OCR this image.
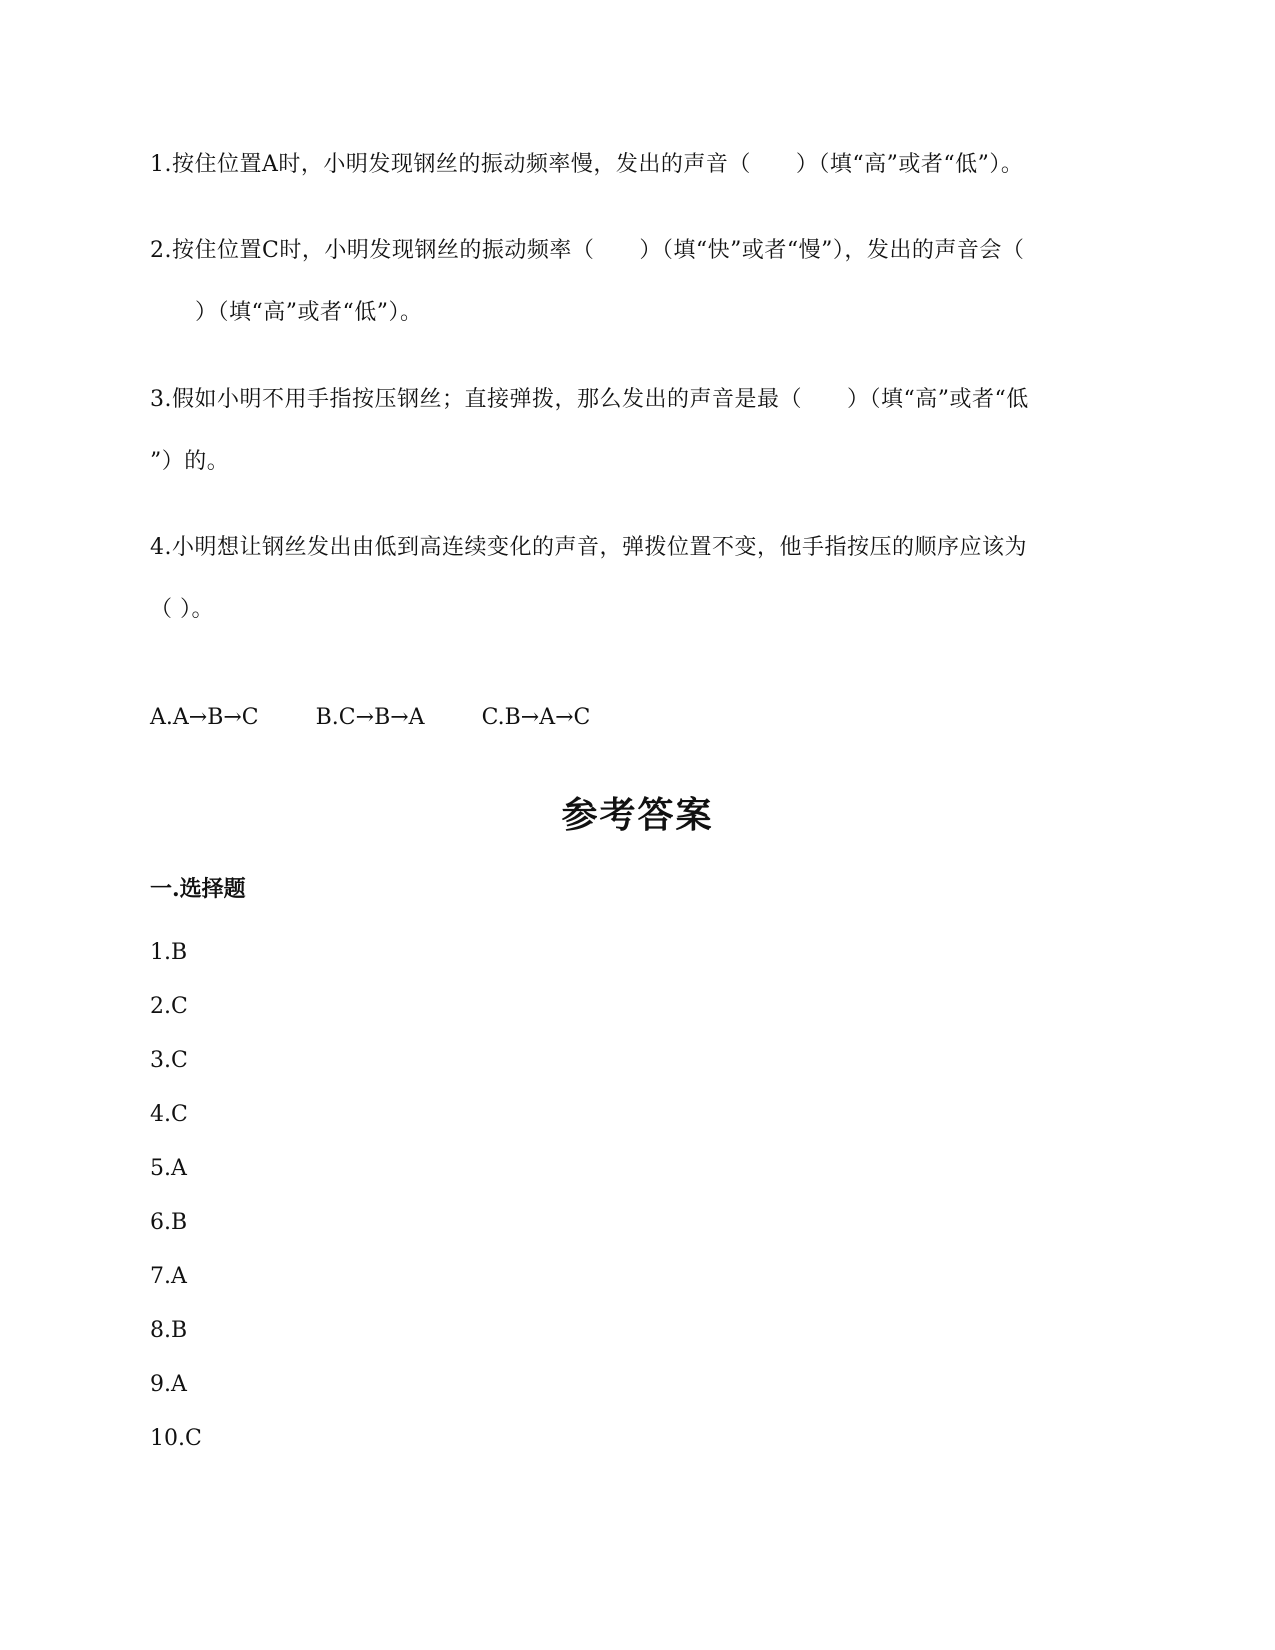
1.按住位置A时，小明发现钢丝的振动频率慢，发出的声音（　　）（填“高”或者“低”）。
2.按住位置C时，小明发现钢丝的振动频率（　　）（填“快”或者“慢”），发出的声音会（
　　）（填“高”或者“低”）。
3.假如小明不用手指按压钢丝；直接弹拨，那么发出的声音是最（　　）（填“高”或者“低
”）的。
4.小明想让钢丝发出由低到高连续变化的声音，弹拨位置不变，他手指按压的顺序应该为
（ ）。
A.A→B→C	B.C→B→A	C.B→A→C
参考答案
一.选择题
1.B
2.C
3.C
4.C
5.A
6.B
7.A
8.B
9.A
10.C
